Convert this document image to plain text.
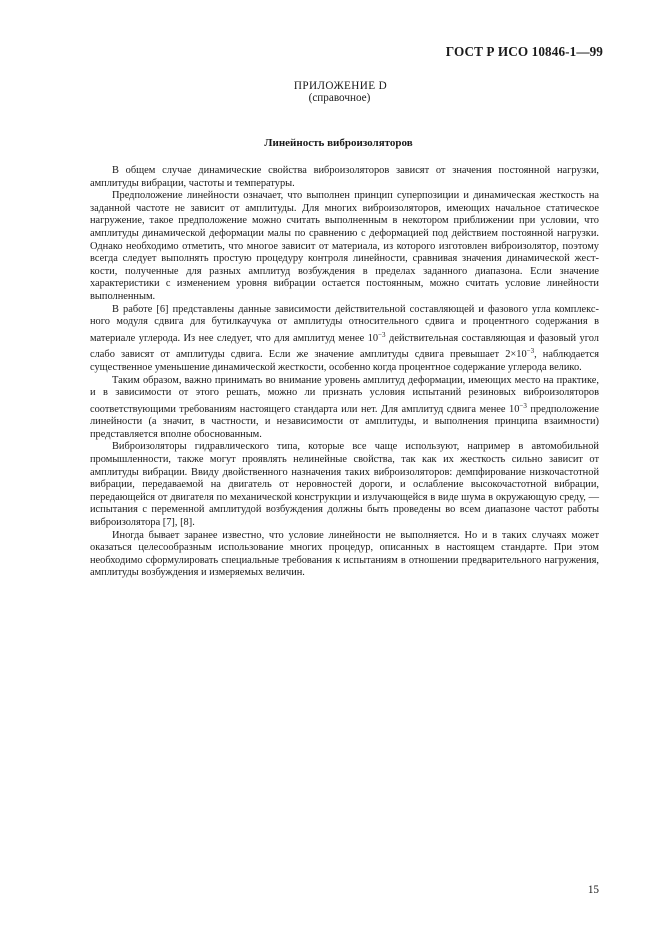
ГОСТ Р ИСО 10846-1—99
ПРИЛОЖЕНИЕ D
(справочное)
Линейность виброизоляторов

В общем случае динамические свойства виброизоляторов зависят от значения постоянной нагрузки, амплитуды вибрации, частоты и температуры.

Предположение линейности означает, что выполнен принцип суперпозиции и динамическая жесткость на заданной частоте не зависит от амплитуды. Для многих виброизоляторов, имеющих начальное статическое нагружение, такое предположение можно считать выполненным в некотором приближении при условии, что амплитуды динамической деформации малы по сравнению с деформацией под действием постоянной нагрузки. Однако необходимо отметить, что многое зависит от материала, из которого изготовлен виброизолятор, поэтому всегда следует выполнять простую процедуру контроля линейности, сравнивая значения динамической жесткости, полученные для разных амплитуд возбуждения в пределах заданного диапазона. Если значение характеристики с изменением уровня вибрации остается постоянным, можно считать условие линейности выполненным.

В работе [6] представлены данные зависимости действительной составляющей и фазового угла комплексного модуля сдвига для бутилкаучука от амплитуды относительного сдвига и процентного содержания в материале углерода. Из нее следует, что для амплитуд менее $10^{-3}$ действительная составляющая и фазовый угол слабо зависят от амплитуды сдвига. Если же значение амплитуды сдвига превышает $2\times 10^{-3}$, наблюдается существенное уменьшение динамической жесткости, особенно когда процентное содержание углерода велико.

Таким образом, важно принимать во внимание уровень амплитуд деформации, имеющих место на практике, и в зависимости от этого решать, можно ли признать условия испытаний резиновых виброизоляторов соответствующими требованиям настоящего стандарта или нет. Для амплитуд сдвига менее $10^{-3}$ предположение линейности (а значит, в частности, и независимости от амплитуды, и выполнения принципа взаимности) представляется вполне обоснованным.

Виброизоляторы гидравлического типа, которые все чаще используют, например в автомобильной промышленности, также могут проявлять нелинейные свойства, так как их жесткость сильно зависит от амплитуды вибрации. Ввиду двойственного назначения таких виброизоляторов: демпфирование низкочастотной вибрации, передаваемой на двигатель от неровностей дороги, и ослабление высокочастотной вибрации, передающейся от двигателя по механической конструкции и излучающейся в виде шума в окружающую среду, — испытания с переменной амплитудой возбуждения должны быть проведены во всем диапазоне частот работы виброизолятора [7], [8].

Иногда бывает заранее известно, что условие линейности не выполняется. Но и в таких случаях может оказаться целесообразным использование многих процедур, описанных в настоящем стандарте. При этом необходимо сформулировать специальные требования к испытаниям в отношении предварительного нагружения, амплитуды возбуждения и измеряемых величин.

15
